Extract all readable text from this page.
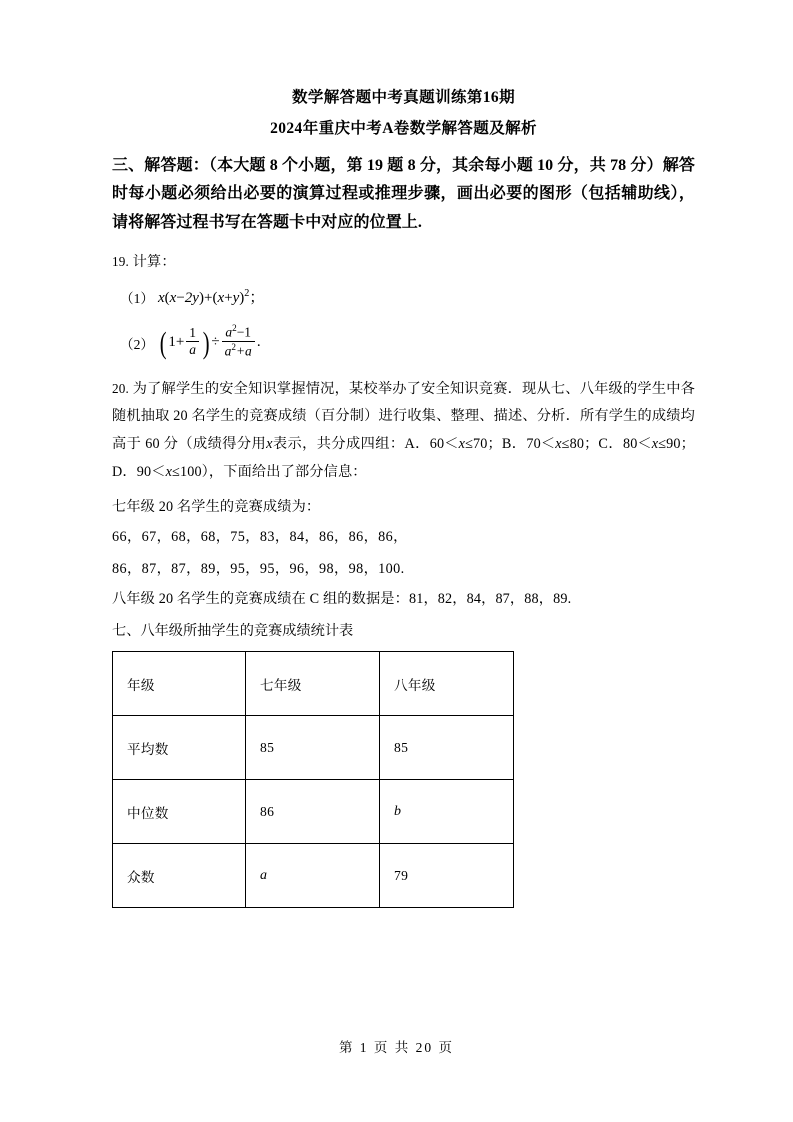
数学解答题中考真题训练第16期
2024年重庆中考A卷数学解答题及解析
三、解答题：（本大题 8 个小题，第 19 题 8 分，其余每小题 10 分，共 78 分）解答时每小题必须给出必要的演算过程或推理步骤，画出必要的图形（包括辅助线），请将解答过程书写在答题卡中对应的位置上.
19. 计算：
（1） $x(x-2y)+(x+y)^2$；
（2） ( $1+ \frac{1}{a}$ ) ÷ $\frac{a^2-1}{a^2+a}$ .
20. 为了解学生的安全知识掌握情况，某校举办了安全知识竞赛．现从七、八年级的学生中各随机抽取 20 名学生的竞赛成绩（百分制）进行收集、整理、描述、分析．所有学生的成绩均高于 60 分（成绩得分用x表示，共分成四组：A．60＜x≤70；B．70＜x≤80；C．80＜x≤90；D．90＜x≤100），下面给出了部分信息：
七年级 20 名学生的竞赛成绩为：
66，67，68，68，75，83，84，86，86，86，
86，87，87，89，95，95，96，98，98，100.
八年级 20 名学生的竞赛成绩在 C 组的数据是：81，82，84，87，88，89.
七、八年级所抽学生的竞赛成绩统计表
年级	七年级	八年级
平均数	85	85
中位数	86	b
众数	a	79
第 1 页 共 20 页
